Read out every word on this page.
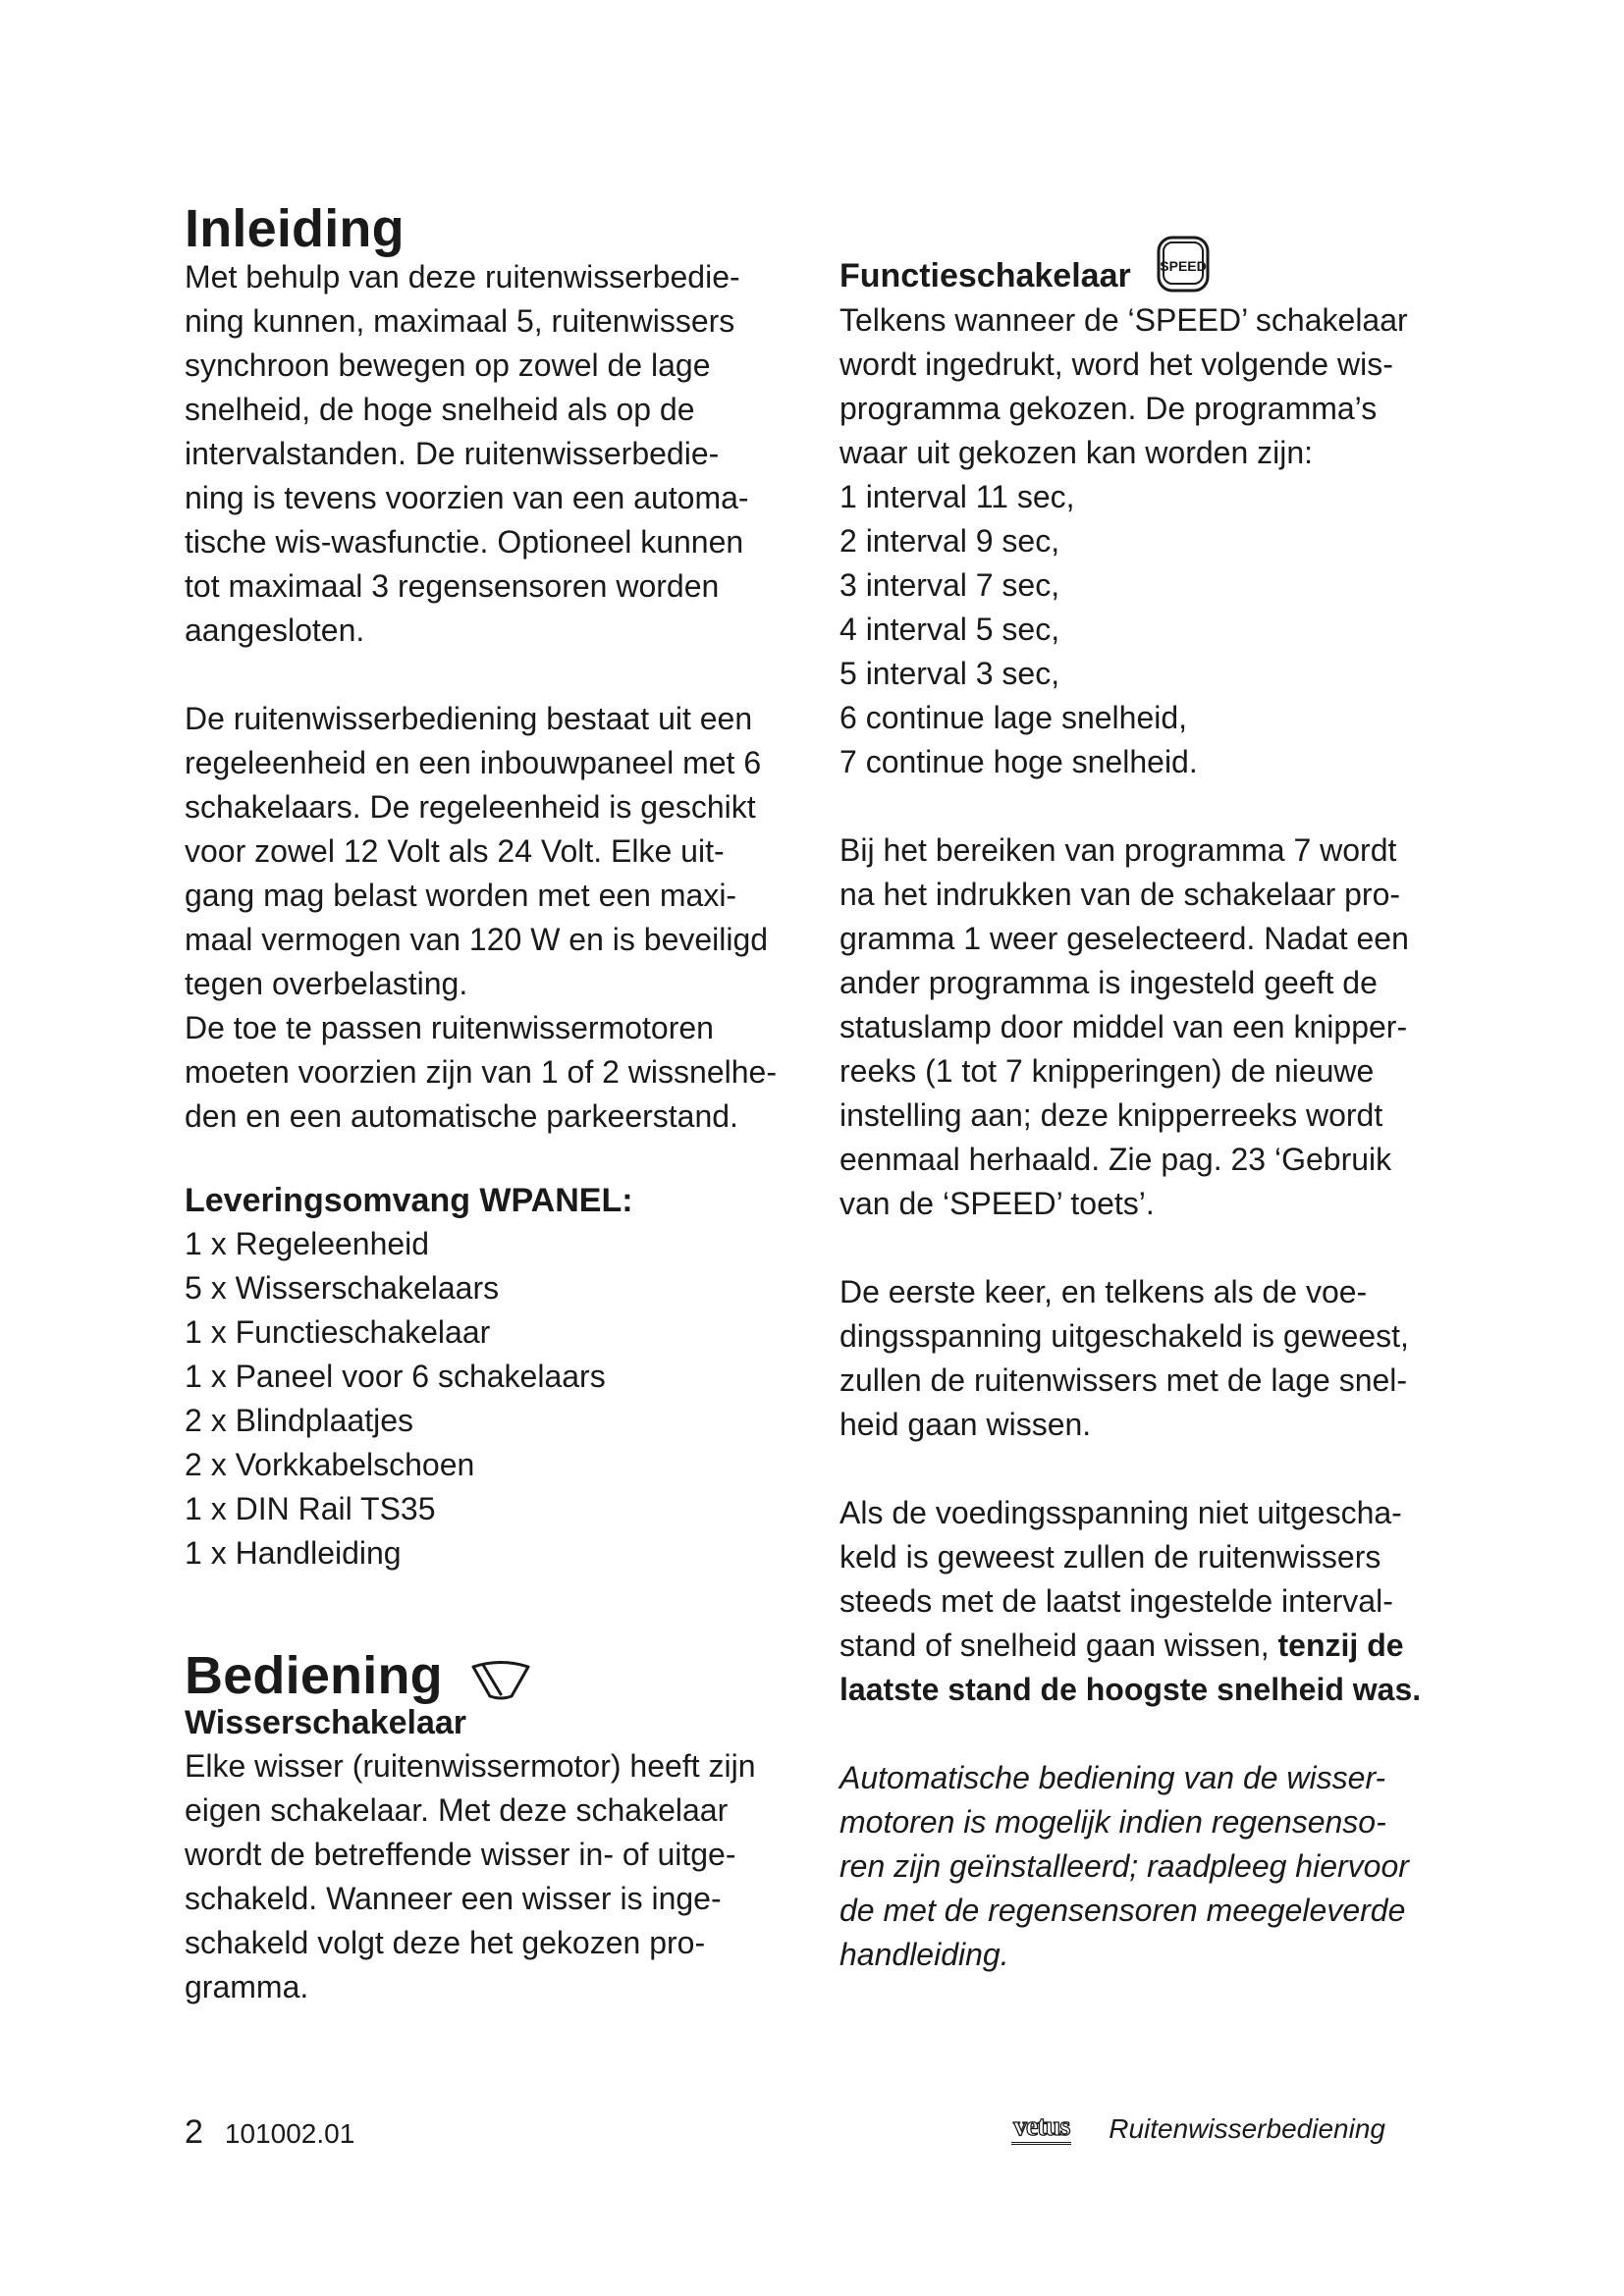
Inleiding

Met behulp van deze ruitenwisserbedie-

ning kunnen, maximaal 5, ruitenwissers

synchroon bewegen op zowel de lage

snelheid, de hoge snelheid als op de

intervalstanden. De ruitenwisserbedie-

ning is tevens voorzien van een automa-

tische wis-wasfunctie. Optioneel kunnen

tot maximaal 3 regensensoren worden

aangesloten.

De ruitenwisserbediening bestaat uit een

regeleenheid en een inbouwpaneel met 6

schakelaars. De regeleenheid is geschikt

voor zowel 12 Volt als 24 Volt. Elke uit-

gang mag belast worden met een maxi-

maal vermogen van 120 W en is beveiligd

tegen overbelasting.

De toe te passen ruitenwissermotoren

moeten voorzien zijn van 1 of 2 wissnelhe-

den en een automatische parkeerstand.

Leveringsomvang WPANEL:
1 x Regeleenheid
5 x Wisserschakelaars
1 x Functieschakelaar
1 x Paneel voor 6 schakelaars
2 x Blindplaatjes
2 x Vorkkabelschoen
1 x DIN Rail TS35
1 x Handleiding
Bediening
Wisserschakelaar

Elke wisser (ruitenwissermotor) heeft zijn

eigen schakelaar. Met deze schakelaar

wordt de betreffende wisser in- of uitge-

schakeld. Wanneer een wisser is inge-

schakeld volgt deze het gekozen pro-

gramma.

Functieschakelaar SPEED

Telkens wanneer de ‘SPEED’ schakelaar

wordt ingedrukt, word het volgende wis-

programma gekozen. De programma’s

waar uit gekozen kan worden zijn:

1 interval 11 sec,
2 interval 9 sec,
3 interval 7 sec,
4 interval 5 sec,
5 interval 3 sec,
6 continue lage snelheid,
7 continue hoge snelheid.

Bij het bereiken van programma 7 wordt

na het indrukken van de schakelaar pro-

gramma 1 weer geselecteerd. Nadat een

ander programma is ingesteld geeft de

statuslamp door middel van een knipper-

reeks (1 tot 7 knipperingen) de nieuwe

instelling aan; deze knipperreeks wordt

eenmaal herhaald. Zie pag. 23 ‘Gebruik

van de ‘SPEED’ toets’.

De eerste keer, en telkens als de voe-

dingsspanning uitgeschakeld is geweest,

zullen de ruitenwissers met de lage snel-

heid gaan wissen.

Als de voedingsspanning niet uitgescha-

keld is geweest zullen de ruitenwissers

steeds met de laatst ingestelde interval-

stand of snelheid gaan wissen, tenzij de

laatste stand de hoogste snelheid was.

Automatische bediening van de wisser-

motoren is mogelijk indien regensenso-

ren zijn geïnstalleerd; raadpleeg hiervoor

de met de regensensoren meegeleverde

handleiding.

2 101002.01	vetus Ruitenwisserbediening
